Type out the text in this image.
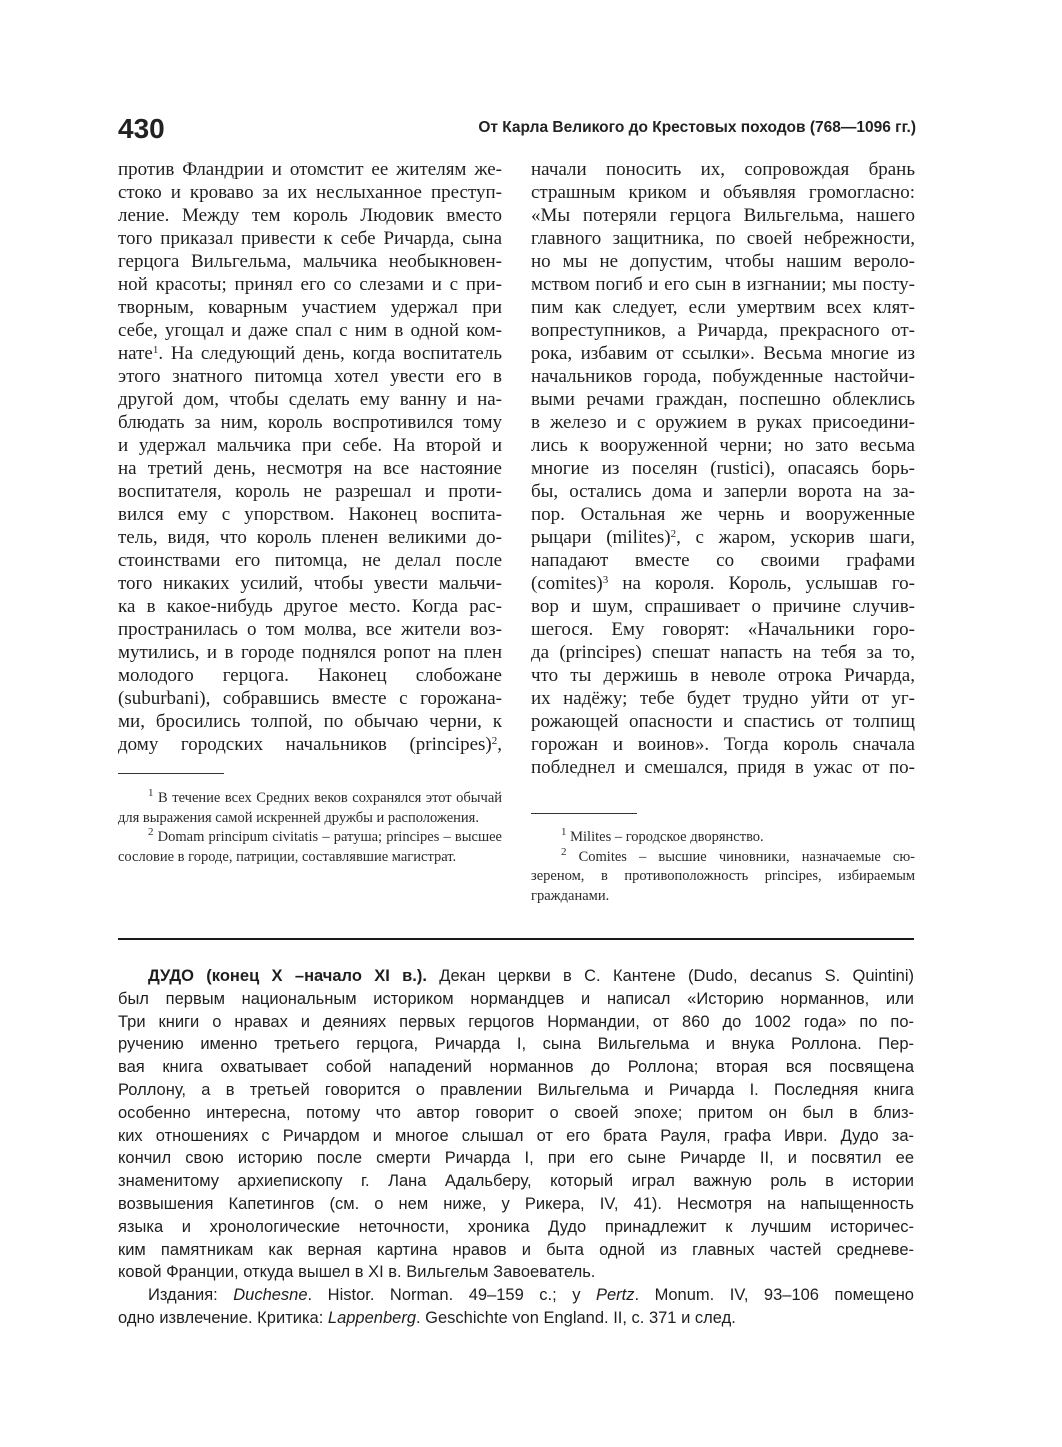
430	От Карла Великого до Крестовых походов (768—1096 гг.)
против Фландрии и отомстит ее жителям же-
стоко и кроваво за их неслыханное преступ-
ление. Между тем король Людовик вместо
того приказал привести к себе Ричарда, сына
герцога Вильгельма, мальчика необыкновен-
ной красоты; принял его со слезами и с при-
творным, коварным участием удержал при
себе, угощал и даже спал с ним в одной ком-
нате$^1$. На следующий день, когда воспитатель
этого знатного питомца хотел увести его в
другой дом, чтобы сделать ему ванну и на-
блюдать за ним, король воспротивился тому
и удержал мальчика при себе. На второй и
на третий день, несмотря на все настояние
воспитателя, король не разрешал и проти-
вился ему с упорством. Наконец воспита-
тель, видя, что король пленен великими до-
стоинствами его питомца, не делал после
того никаких усилий, чтобы увести мальчи-
ка в какое-нибудь другое место. Когда рас-
пространилась о том молва, все жители воз-
мутились, и в городе поднялся ропот на плен
молодого герцога. Наконец слобожане
(suburbani), собравшись вместе с горожана-
ми, бросились толпой, по обычаю черни, к
дому городских начальников (principes)$^2$,
начали поносить их, сопровождая брань
страшным криком и объявляя громогласно:
«Мы потеряли герцога Вильгельма, нашего
главного защитника, по своей небрежности,
но мы не допустим, чтобы нашим вероло-
мством погиб и его сын в изгнании; мы посту-
пим как следует, если умертвим всех клят-
вопреступников, а Ричарда, прекрасного от-
рока, избавим от ссылки». Весьма многие из
начальников города, побужденные настойчи-
выми речами граждан, поспешно облеклись
в железо и с оружием в руках присоедини-
лись к вооруженной черни; но зато весьма
многие из поселян (rustici), опасаясь борь-
бы, остались дома и заперли ворота на за-
пор. Остальная же чернь и вооруженные
рыцари (milites)$^2$, с жаром, ускорив шаги,
нападают вместе со своими графами
(comites)$^3$ на короля. Король, услышав го-
вор и шум, спрашивает о причине случив-
шегося. Ему говорят: «Начальники горо-
да (principes) спешат напасть на тебя за то,
что ты держишь в неволе отрока Ричарда,
их надёжу; тебе будет трудно уйти от уг-
рожающей опасности и спастись от толпищ
горожан и воинов». Тогда король сначала
побледнел и смешался, придя в ужас от по-

$^1$ В течение всех Средних веков сохранялся этот обычай для выражения самой искренней дружбы и расположения.

$^2$ Domam principum civitatis – ратуша; principes – высшее сословие в городе, патриции, составлявшие магистрат.

$^1$ Milites – городское дворянство.

$^2$ Comites – высшие чиновники, назначаемые сю-зереном, в противоположность principes, избираемым гражданами.

ДУДО (конец X –начало XI в.). Декан церкви в С. Кантене (Dudo, decanus S. Quintini)
был первым национальным историком нормандцев и написал «Историю норманнов, или
Три книги о нравах и деяниях первых герцогов Нормандии, от 860 до 1002 года» по по-
ручению именно третьего герцога, Ричарда I, сына Вильгельма и внука Роллона. Пер-
вая книга охватывает собой нападений норманнов до Роллона; вторая вся посвящена
Роллону, а в третьей говорится о правлении Вильгельма и Ричарда I. Последняя книга
особенно интересна, потому что автор говорит о своей эпохе; притом он был в близ-
ких отношениях с Ричардом и многое слышал от его брата Рауля, графа Иври. Дудо за-
кончил свою историю после смерти Ричарда I, при его сыне Ричарде II, и посвятил ее
знаменитому архиепископу г. Лана Адальберу, который играл важную роль в истории
возвышения Капетингов (см. о нем ниже, у Рикера, IV, 41). Несмотря на напыщенность
языка и хронологические неточности, хроника Дудо принадлежит к лучшим историчес-
ким памятникам как верная картина нравов и быта одной из главных частей средневе-
ковой Франции, откуда вышел в XI в. Вильгельм Завоеватель.
Издания: Duchesne. Histor. Norman. 49–159 c.; у Pertz. Monum. IV, 93–106 помещено
одно извлечение. Критика: Lappenberg. Geschichte von England. II, c. 371 и след.
